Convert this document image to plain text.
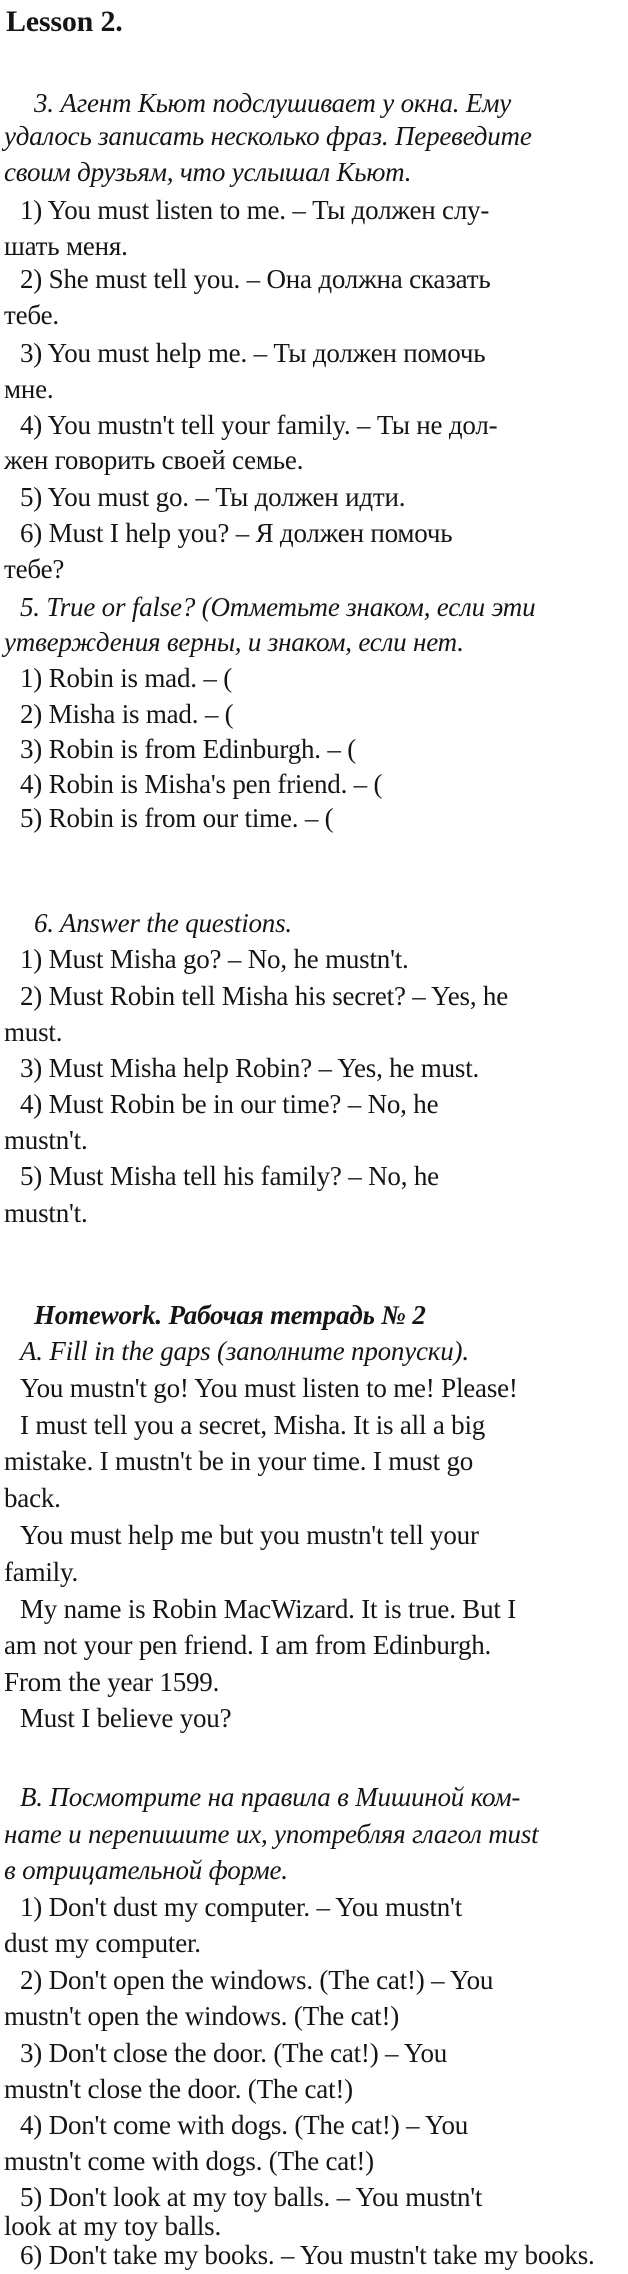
Lesson 2.
3. Агент Кьют подслушивает у окна. Ему
удалось записать несколько фраз. Переведите
своим друзьям, что услышал Кьют.
1) You must listen to me. – Ты должен слу-
шать меня.
2) She must tell you. – Она должна сказать
тебе.
3) You must help me. – Ты должен помочь
мне.
4) You mustn't tell your family. – Ты не дол-
жен говорить своей семье.
5) You must go. – Ты должен идти.
6) Must I help you? – Я должен помочь
тебе?
5. True or false? (Отметьте знаком, если эти
утверждения верны, и знаком, если нет.
1) Robin is mad. – (
2) Misha is mad. – (
3) Robin is from Edinburgh. – (
4) Robin is Misha's pen friend. – (
5) Robin is from our time. – (
6. Answer the questions.
1) Must Misha go? – No, he mustn't.
2) Must Robin tell Misha his secret? – Yes, he
must.
3) Must Misha help Robin? – Yes, he must.
4) Must Robin be in our time? – No, he
mustn't.
5) Must Misha tell his family? – No, he
mustn't.
Homework. Рабочая тетрадь № 2
A. Fill in the gaps (заполните пропуски).
You mustn't go! You must listen to me! Please!
I must tell you a secret, Misha. It is all a big
mistake. I mustn't be in your time. I must go
back.
You must help me but you mustn't tell your
family.
My name is Robin MacWizard. It is true. But I
am not your pen friend. I am from Edinburgh.
From the year 1599.
Must I believe you?
B. Посмотрите на правила в Мишиной ком-
нате и перепишите их, употребляя глагол must
в отрицательной форме.
1) Don't dust my computer. – You mustn't
dust my computer.
2) Don't open the windows. (The cat!) – You
mustn't open the windows. (The cat!)
3) Don't close the door. (The cat!) – You
mustn't close the door. (The cat!)
4) Don't come with dogs. (The cat!) – You
mustn't come with dogs. (The cat!)
5) Don't look at my toy balls. – You mustn't
look at my toy balls.
6) Don't take my books. – You mustn't take my books.
